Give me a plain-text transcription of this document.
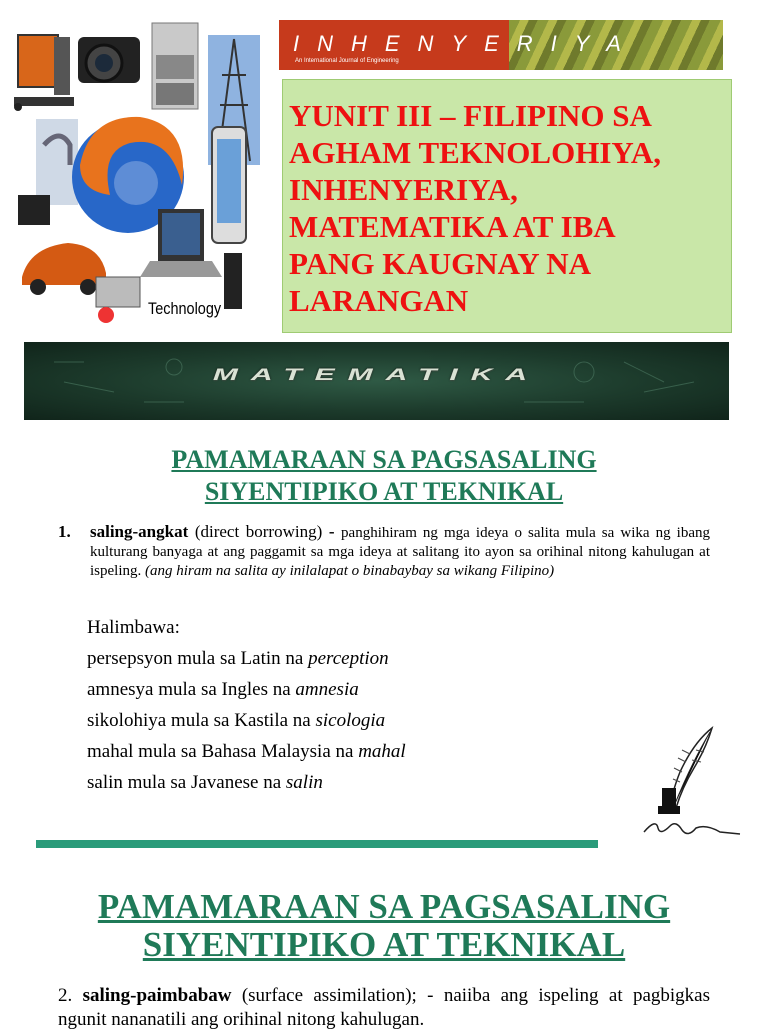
Technology
INHENYERIYA
An International Journal of Engineering

YUNIT III – FILIPINO SA

AGHAM TEKNOLOHIYA,

INHENYERIYA,

MATEMATIKA AT IBA

PANG KAUGNAY NA

LARANGAN

MATEMATIKA
PAMAMARAAN SA PAGSASALING
SIYENTIPIKO AT TEKNIKAL
1. saling-angkat (direct borrowing) - panghihiram ng mga ideya o salita mula sa wika ng ibang kulturang banyaga at ang paggamit sa mga ideya at salitang ito ayon sa orihinal nitong kahulugan at ispeling. (ang hiram na salita ay inilalapat o binabaybay sa wikang Filipino)
Halimbawa:
persepsyon mula sa Latin na perception
amnesya mula sa Ingles na amnesia
sikolohiya mula sa Kastila na sicologia
mahal mula sa Bahasa Malaysia na mahal
salin mula sa Javanese na salin
PAMAMARAAN SA PAGSASALING
SIYENTIPIKO AT TEKNIKAL
2. saling-paimbabaw (surface assimilation); - naiiba ang ispeling at pagbigkas ngunit nananatili ang orihinal nitong kahulugan.
